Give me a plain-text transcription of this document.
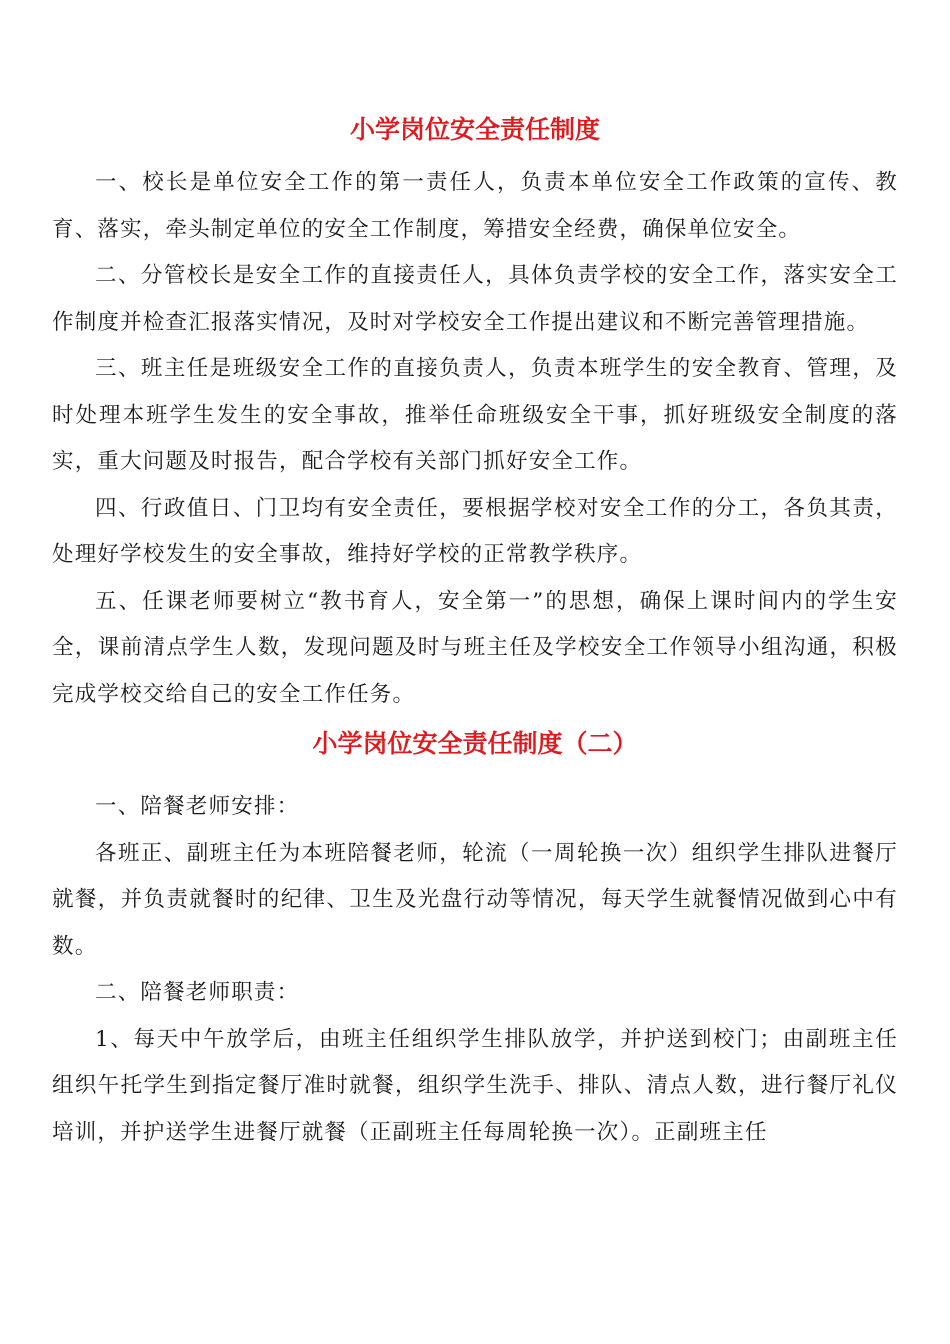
小学岗位安全责任制度

一、校长是单位安全工作的第一责任人，负责本单位安全工作政策的宣传、教育、落实，牵头制定单位的安全工作制度，筹措安全经费，确保单位安全。

二、分管校长是安全工作的直接责任人，具体负责学校的安全工作，落实安全工作制度并检查汇报落实情况，及时对学校安全工作提出建议和不断完善管理措施。

三、班主任是班级安全工作的直接负责人，负责本班学生的安全教育、管理，及时处理本班学生发生的安全事故，推举任命班级安全干事，抓好班级安全制度的落实，重大问题及时报告，配合学校有关部门抓好安全工作。

四、行政值日、门卫均有安全责任，要根据学校对安全工作的分工，各负其责，处理好学校发生的安全事故，维持好学校的正常教学秩序。

五、任课老师要树立“教书育人，安全第一”的思想，确保上课时间内的学生安全，课前清点学生人数，发现问题及时与班主任及学校安全工作领导小组沟通，积极完成学校交给自己的安全工作任务。

小学岗位安全责任制度（二）

一、陪餐老师安排：

各班正、副班主任为本班陪餐老师，轮流（一周轮换一次）组织学生排队进餐厅就餐，并负责就餐时的纪律、卫生及光盘行动等情况，每天学生就餐情况做到心中有数。

二、陪餐老师职责：

1、每天中午放学后，由班主任组织学生排队放学，并护送到校门；由副班主任组织午托学生到指定餐厅准时就餐，组织学生洗手、排队、清点人数，进行餐厅礼仪培训，并护送学生进餐厅就餐（正副班主任每周轮换一次）。正副班主任
